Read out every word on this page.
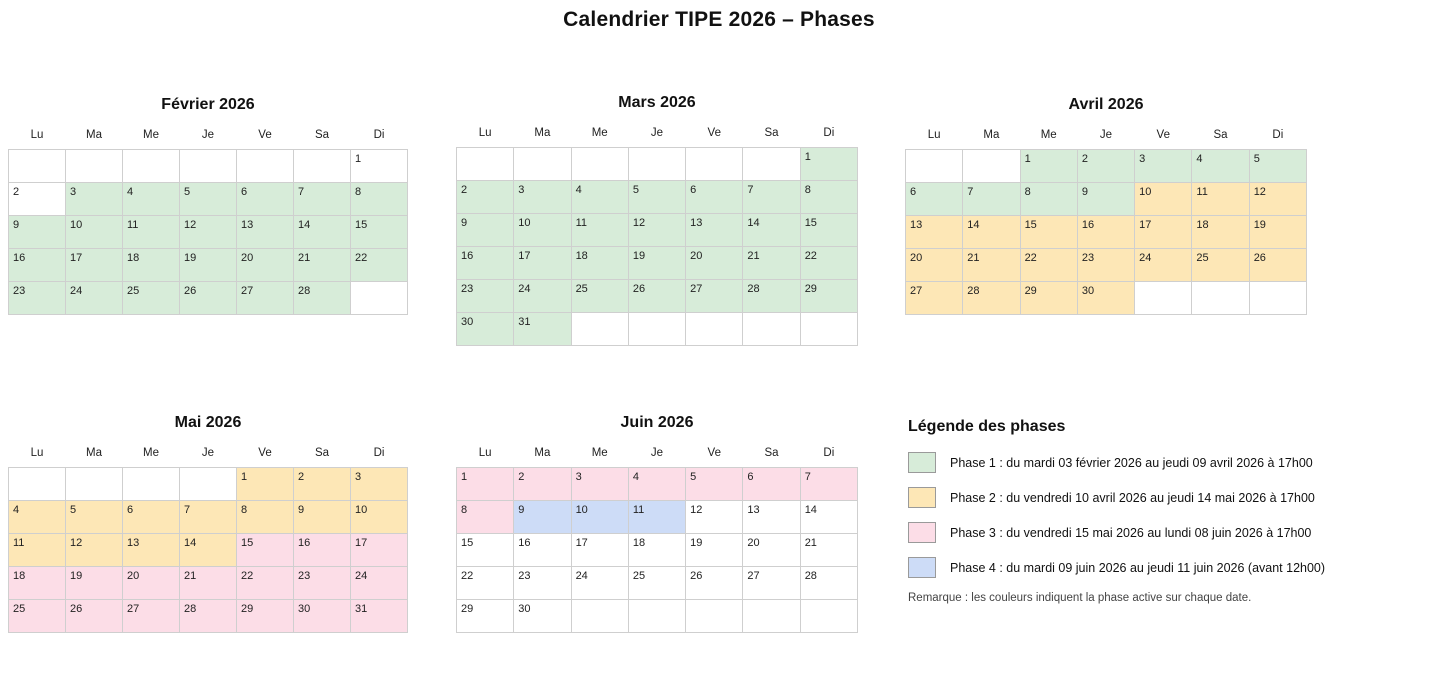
Calendrier TIPE 2026 – Phases
Février 2026
Lu	Ma	Me	Je	Ve	Sa	Di
						1
2	3	4	5	6	7	8
9	10	11	12	13	14	15
16	17	18	19	20	21	22
23	24	25	26	27	28	
Mars 2026
Lu	Ma	Me	Je	Ve	Sa	Di
						1
2	3	4	5	6	7	8
9	10	11	12	13	14	15
16	17	18	19	20	21	22
23	24	25	26	27	28	29
30	31					
Avril 2026
Lu	Ma	Me	Je	Ve	Sa	Di
		1	2	3	4	5
6	7	8	9	10	11	12
13	14	15	16	17	18	19
20	21	22	23	24	25	26
27	28	29	30			
Mai 2026
Lu	Ma	Me	Je	Ve	Sa	Di
				1	2	3
4	5	6	7	8	9	10
11	12	13	14	15	16	17
18	19	20	21	22	23	24
25	26	27	28	29	30	31
Juin 2026
Lu	Ma	Me	Je	Ve	Sa	Di
1	2	3	4	5	6	7
8	9	10	11	12	13	14
15	16	17	18	19	20	21
22	23	24	25	26	27	28
29	30					
Légende des phases
Phase 1 : du mardi 03 février 2026 au jeudi 09 avril 2026 à 17h00
Phase 2 : du vendredi 10 avril 2026 au jeudi 14 mai 2026 à 17h00
Phase 3 : du vendredi 15 mai 2026 au lundi 08 juin 2026 à 17h00
Phase 4 : du mardi 09 juin 2026 au jeudi 11 juin 2026 (avant 12h00)
Remarque : les couleurs indiquent la phase active sur chaque date.
